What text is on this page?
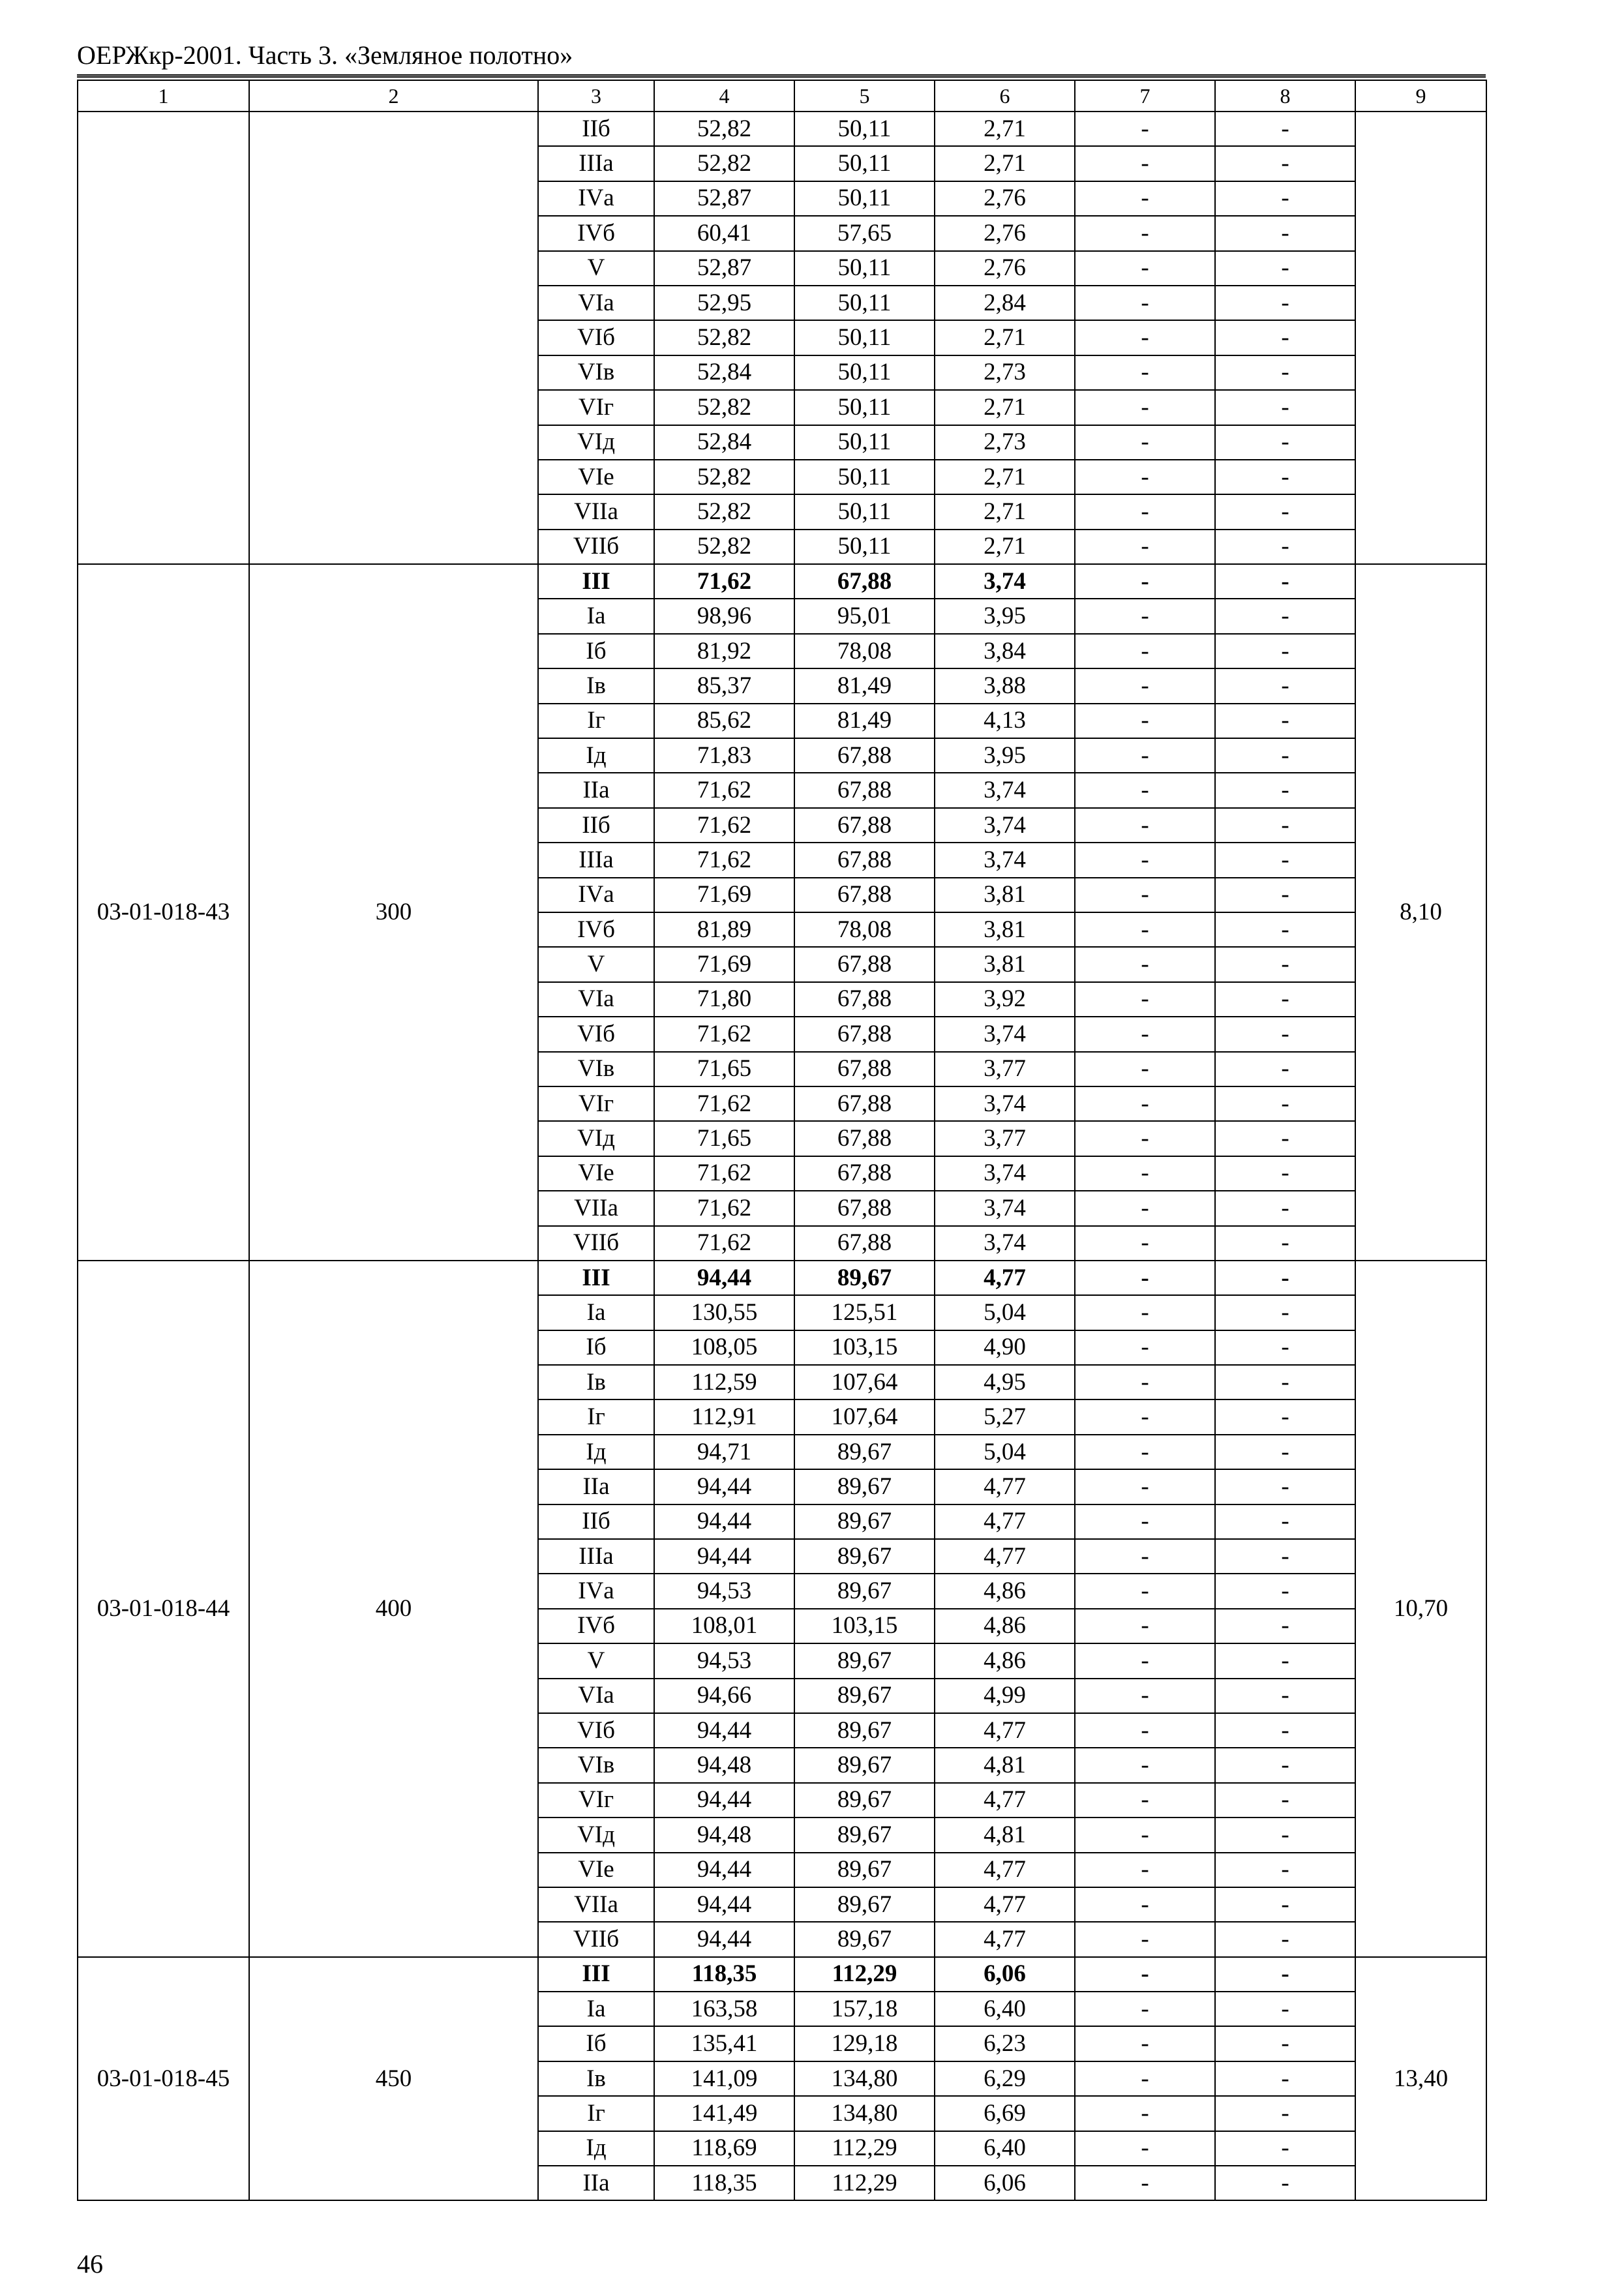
ОЕРЖкр-2001. Часть 3. «Земляное полотно»
1	2	3	4	5	6	7	8	9
		IIб	52,82	50,11	2,71	-	-	
		IIIа	52,82	50,11	2,71	-	-	
		IVа	52,87	50,11	2,76	-	-	
		IVб	60,41	57,65	2,76	-	-	
		V	52,87	50,11	2,76	-	-	
		VIа	52,95	50,11	2,84	-	-	
		VIб	52,82	50,11	2,71	-	-	
		VIв	52,84	50,11	2,73	-	-	
		VIг	52,82	50,11	2,71	-	-	
		VIд	52,84	50,11	2,73	-	-	
		VIе	52,82	50,11	2,71	-	-	
		VIIа	52,82	50,11	2,71	-	-	
		VIIб	52,82	50,11	2,71	-	-	
03-01-018-43	300	III	71,62	67,88	3,74	-	-	8,10
		Iа	98,96	95,01	3,95	-	-	
		Iб	81,92	78,08	3,84	-	-	
		Iв	85,37	81,49	3,88	-	-	
		Iг	85,62	81,49	4,13	-	-	
		Iд	71,83	67,88	3,95	-	-	
		IIа	71,62	67,88	3,74	-	-	
		IIб	71,62	67,88	3,74	-	-	
		IIIа	71,62	67,88	3,74	-	-	
		IVа	71,69	67,88	3,81	-	-	
		IVб	81,89	78,08	3,81	-	-	
		V	71,69	67,88	3,81	-	-	
		VIа	71,80	67,88	3,92	-	-	
		VIб	71,62	67,88	3,74	-	-	
		VIв	71,65	67,88	3,77	-	-	
		VIг	71,62	67,88	3,74	-	-	
		VIд	71,65	67,88	3,77	-	-	
		VIе	71,62	67,88	3,74	-	-	
		VIIа	71,62	67,88	3,74	-	-	
		VIIб	71,62	67,88	3,74	-	-	
03-01-018-44	400	III	94,44	89,67	4,77	-	-	10,70
		Iа	130,55	125,51	5,04	-	-	
		Iб	108,05	103,15	4,90	-	-	
		Iв	112,59	107,64	4,95	-	-	
		Iг	112,91	107,64	5,27	-	-	
		Iд	94,71	89,67	5,04	-	-	
		IIа	94,44	89,67	4,77	-	-	
		IIб	94,44	89,67	4,77	-	-	
		IIIа	94,44	89,67	4,77	-	-	
		IVа	94,53	89,67	4,86	-	-	
		IVб	108,01	103,15	4,86	-	-	
		V	94,53	89,67	4,86	-	-	
		VIа	94,66	89,67	4,99	-	-	
		VIб	94,44	89,67	4,77	-	-	
		VIв	94,48	89,67	4,81	-	-	
		VIг	94,44	89,67	4,77	-	-	
		VIд	94,48	89,67	4,81	-	-	
		VIе	94,44	89,67	4,77	-	-	
		VIIа	94,44	89,67	4,77	-	-	
		VIIб	94,44	89,67	4,77	-	-	
03-01-018-45	450	III	118,35	112,29	6,06	-	-	13,40
		Iа	163,58	157,18	6,40	-	-	
		Iб	135,41	129,18	6,23	-	-	
		Iв	141,09	134,80	6,29	-	-	
		Iг	141,49	134,80	6,69	-	-	
		Iд	118,69	112,29	6,40	-	-	
		IIа	118,35	112,29	6,06	-	-	
46
